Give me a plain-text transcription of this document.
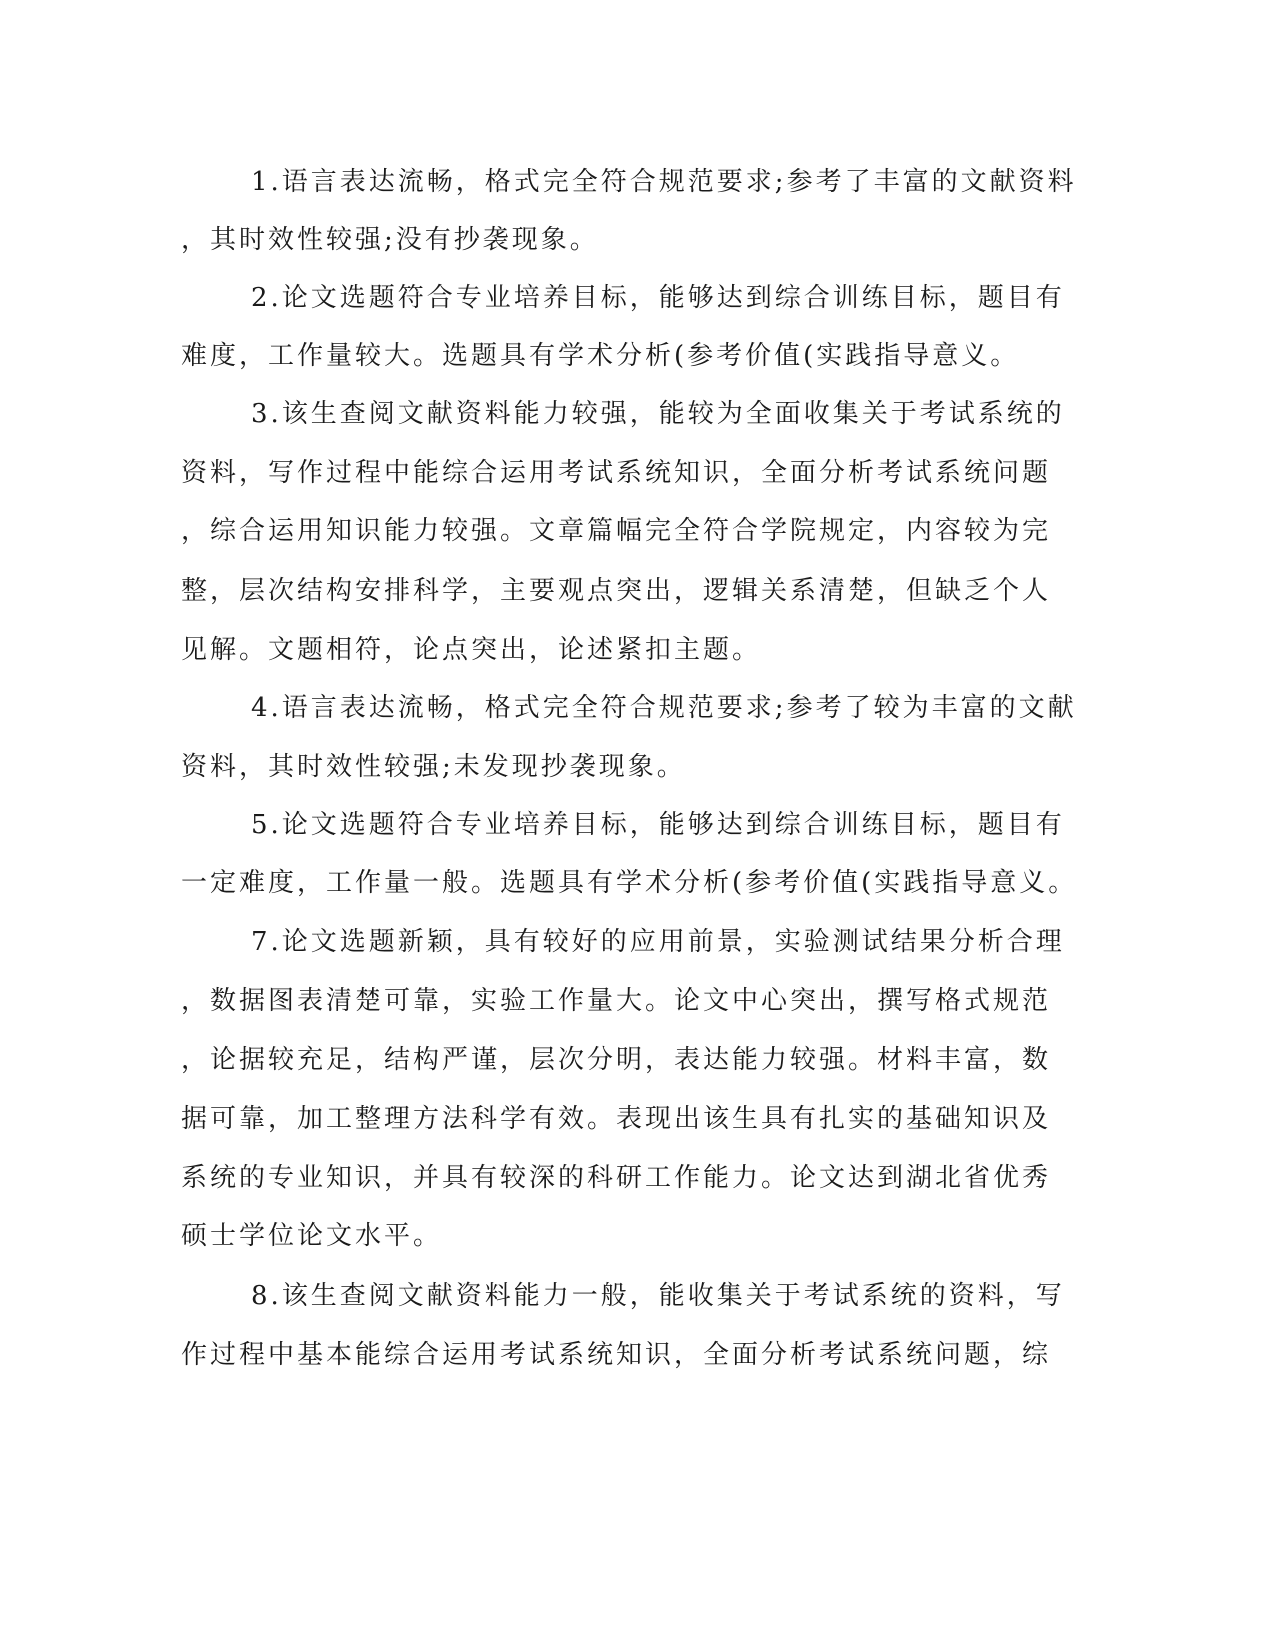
1.语言表达流畅，格式完全符合规范要求;参考了丰富的文献资料

，其时效性较强;没有抄袭现象。

2.论文选题符合专业培养目标，能够达到综合训练目标，题目有

难度，工作量较大。选题具有学术分析(参考价值(实践指导意义。

3.该生查阅文献资料能力较强，能较为全面收集关于考试系统的

资料，写作过程中能综合运用考试系统知识，全面分析考试系统问题

，综合运用知识能力较强。文章篇幅完全符合学院规定，内容较为完

整，层次结构安排科学，主要观点突出，逻辑关系清楚，但缺乏个人

见解。文题相符，论点突出，论述紧扣主题。

4.语言表达流畅，格式完全符合规范要求;参考了较为丰富的文献

资料，其时效性较强;未发现抄袭现象。

5.论文选题符合专业培养目标，能够达到综合训练目标，题目有

一定难度，工作量一般。选题具有学术分析(参考价值(实践指导意义。

7.论文选题新颖，具有较好的应用前景，实验测试结果分析合理

，数据图表清楚可靠，实验工作量大。论文中心突出，撰写格式规范

，论据较充足，结构严谨，层次分明，表达能力较强。材料丰富，数

据可靠，加工整理方法科学有效。表现出该生具有扎实的基础知识及

系统的专业知识，并具有较深的科研工作能力。论文达到湖北省优秀

硕士学位论文水平。

8.该生查阅文献资料能力一般，能收集关于考试系统的资料，写

作过程中基本能综合运用考试系统知识，全面分析考试系统问题，综
